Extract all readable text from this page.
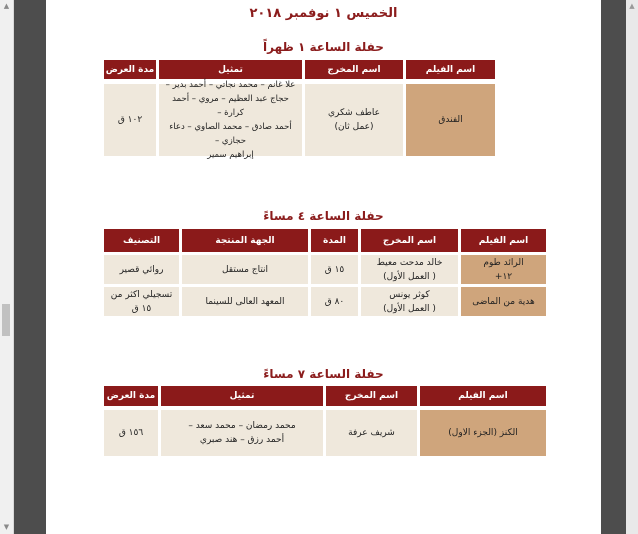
▲
▼
▲
الخميس ١ نوفمبر ٢٠١٨
حفلة الساعة ١ ظهراً
اسم الفيلم
اسم المخرج
تمثيل
مدة العرض
الفندق
عاطف شكري
(عمل ثان)
علا غانم – محمد نجاتي – أحمد بدير –
حجاج عبد العظيم – مروي – أحمد كرارة –
أحمد صادق – محمد الصاوي – دعاء حجازي –
إبراهيم سمير
١٠٢ ق
حفلة الساعة ٤ مساءً
اسم الفيلم
اسم المخرج
المدة
الجهة المنتجة
التصنيف
الرائد طوم
١٢+
خالد مدحت معيط
( العمل الأول)
١٥ ق
انتاج مستقل
روائي قصير
هدية من الماضى
كوثر يونس
( العمل الأول)
٨٠ ق
المعهد العالى للسينما
تسجيلي اكثر من
١٥ ق
حفلة الساعة ٧ مساءً
اسم الفيلم
اسم المخرج
تمثيل
مدة العرض
الكنز (الجزء الاول)
شريف عرفة
محمد رمضان – محمد سعد –
أحمد رزق – هند صبري
١٥٦ ق
